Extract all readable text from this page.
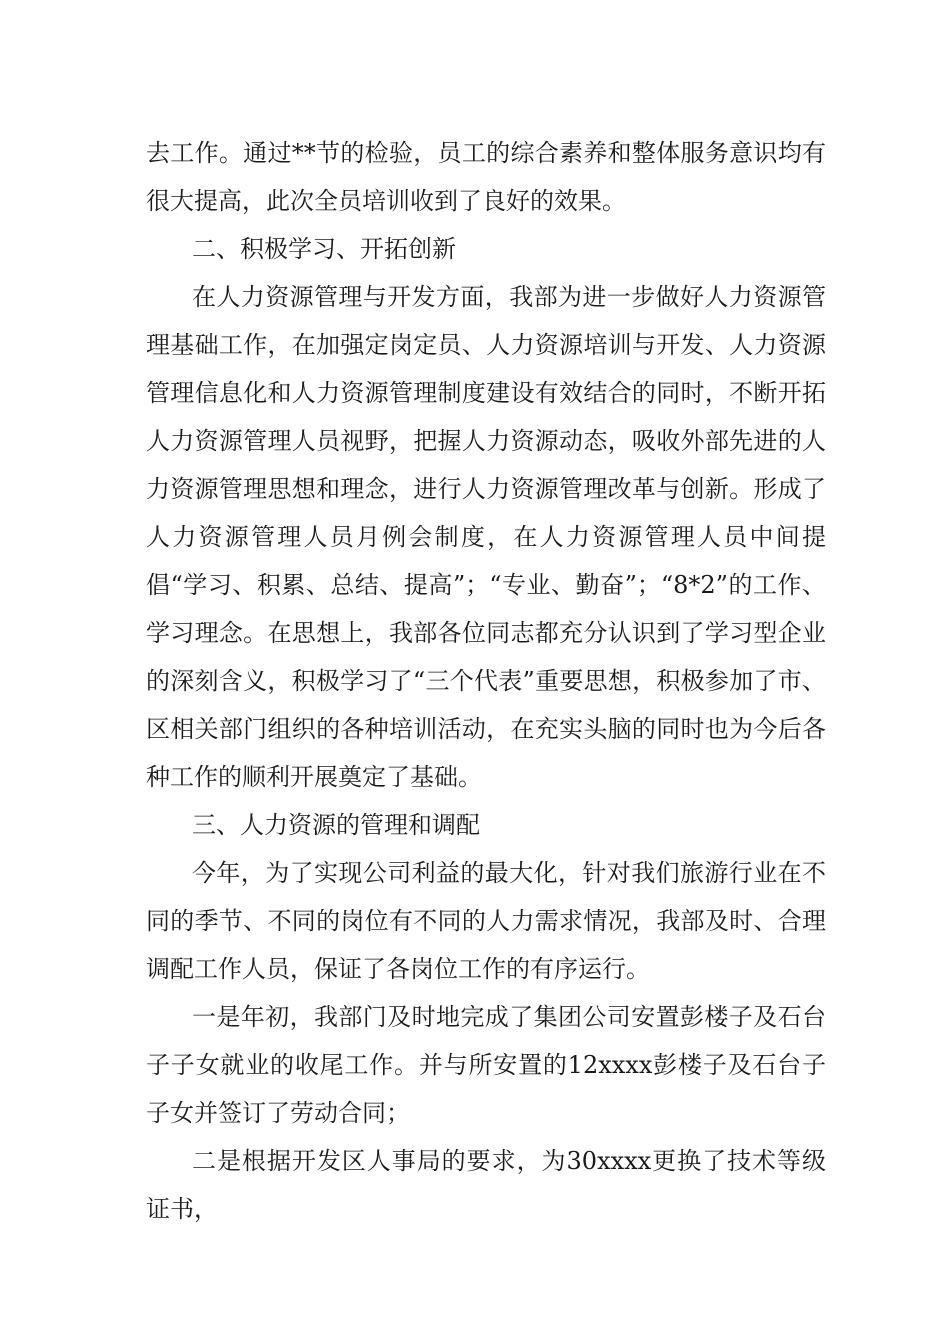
去工作。通过**节的检验，员工的综合素养和整体服务意识均有很大提高，此次全员培训收到了良好的效果。

二、积极学习、开拓创新

在人力资源管理与开发方面，我部为进一步做好人力资源管理基础工作，在加强定岗定员、人力资源培训与开发、人力资源管理信息化和人力资源管理制度建设有效结合的同时，不断开拓人力资源管理人员视野，把握人力资源动态，吸收外部先进的人力资源管理思想和理念，进行人力资源管理改革与创新。形成了人力资源管理人员月例会制度，在人力资源管理人员中间提倡“学习、积累、总结、提高”；“专业、勤奋”；“8*2”的工作、学习理念。在思想上，我部各位同志都充分认识到了学习型企业的深刻含义，积极学习了“三个代表”重要思想，积极参加了市、区相关部门组织的各种培训活动，在充实头脑的同时也为今后各种工作的顺利开展奠定了基础。

三、人力资源的管理和调配

今年，为了实现公司利益的最大化，针对我们旅游行业在不同的季节、不同的岗位有不同的人力需求情况，我部及时、合理调配工作人员，保证了各岗位工作的有序运行。

一是年初，我部门及时地完成了集团公司安置彭楼子及石台子子女就业的收尾工作。并与所安置的12xxxx彭楼子及石台子子女并签订了劳动合同；

二是根据开发区人事局的要求，为30xxxx更换了技术等级证书，
